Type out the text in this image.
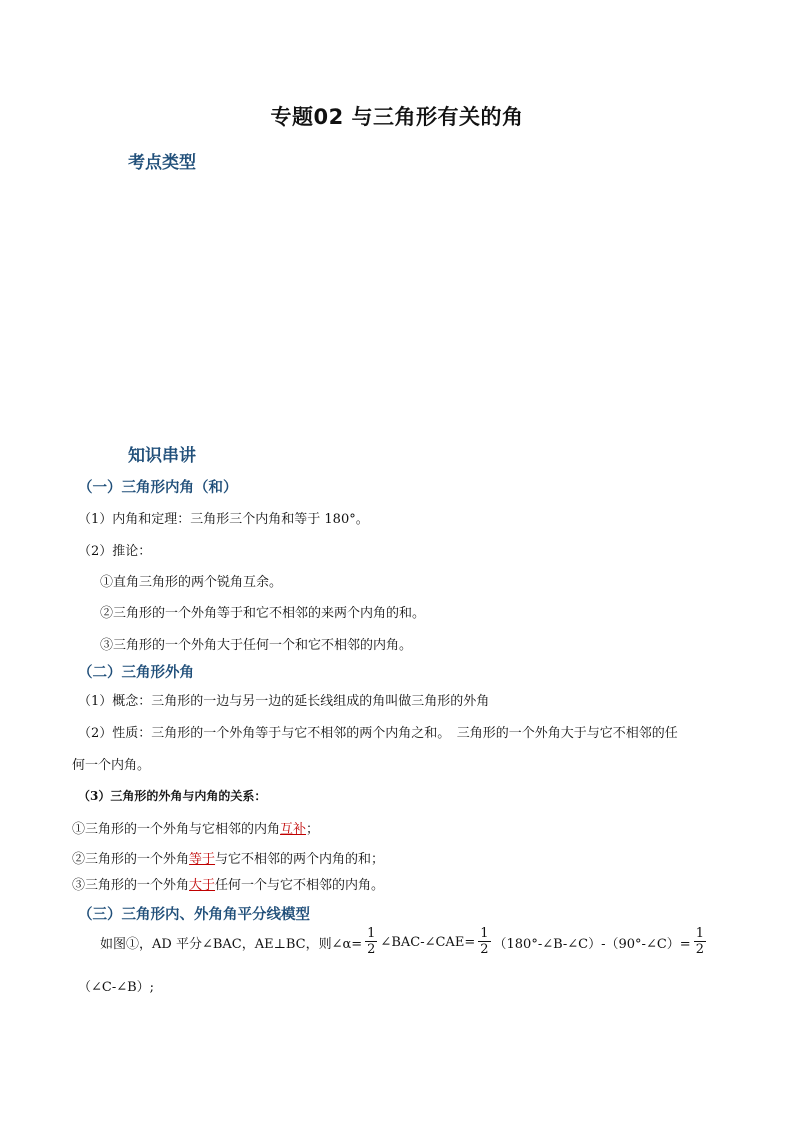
专题02 与三角形有关的角
考点类型
知识串讲
（一）三角形内角（和）
（1）内角和定理：三角形三个内角和等于 180°。
（2）推论：
①直角三角形的两个锐角互余。
②三角形的一个外角等于和它不相邻的来两个内角的和。
③三角形的一个外角大于任何一个和它不相邻的内角。
（二）三角形外角
（1）概念：三角形的一边与另一边的延长线组成的角叫做三角形的外角
（2）性质：三角形的一个外角等于与它不相邻的两个内角之和。　三角形的一个外角大于与它不相邻的任
何一个内角。
（3）三角形的外角与内角的关系：
①三角形的一个外角与它相邻的内角互补；
②三角形的一个外角等于与它不相邻的两个内角的和；
③三角形的一个外角大于任何一个与它不相邻的内角。
（三）三角形内、外角角平分线模型
如图①，AD 平分∠BAC，AE⊥BC，则∠α= $\frac{1}{2}$ ∠BAC-∠CAE= $\frac{1}{2}$ （180°-∠B-∠C）-（90°-∠C）= $\frac{1}{2}$
（∠C-∠B）;
